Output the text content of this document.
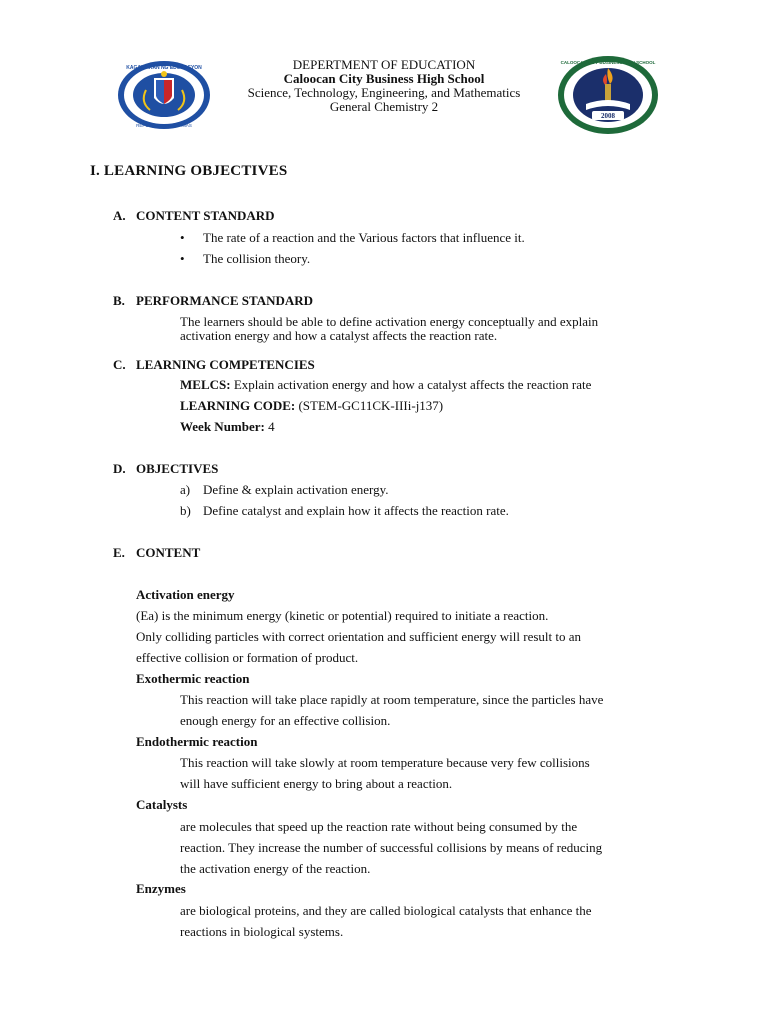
KAGAWARAN NG EDUKASYON
REPUBLIKA NG PILIPINAS
2008
CALOOCAN CITY BUSINESS HIGH SCHOOL
DEPERTMENT OF EDUCATION
Caloocan City Business High School
Science, Technology, Engineering, and Mathematics
General Chemistry 2
I. LEARNING OBJECTIVES
A. CONTENT STANDARD
• The rate of a reaction and the Various factors that influence it.
• The collision theory.
B. PERFORMANCE STANDARD
The learners should be able to define activation energy conceptually and explain
activation energy and how a catalyst affects the reaction rate.
C. LEARNING COMPETENCIES
MELCS: Explain activation energy and how a catalyst affects the reaction rate
LEARNING CODE: (STEM-GC11CK-IIIi-j137)
Week Number: 4
D. OBJECTIVES
a) Define & explain activation energy.
b) Define catalyst and explain how it affects the reaction rate.
E. CONTENT
Activation energy
(Ea) is the minimum energy (kinetic or potential) required to initiate a reaction.
Only colliding particles with correct orientation and sufficient energy will result to an
effective collision or formation of product.
Exothermic reaction
This reaction will take place rapidly at room temperature, since the particles have
enough energy for an effective collision.
Endothermic reaction
This reaction will take slowly at room temperature because very few collisions
will have sufficient energy to bring about a reaction.
Catalysts
are molecules that speed up the reaction rate without being consumed by the
reaction. They increase the number of successful collisions by means of reducing
the activation energy of the reaction.
Enzymes
are biological proteins, and they are called biological catalysts that enhance the
reactions in biological systems.
